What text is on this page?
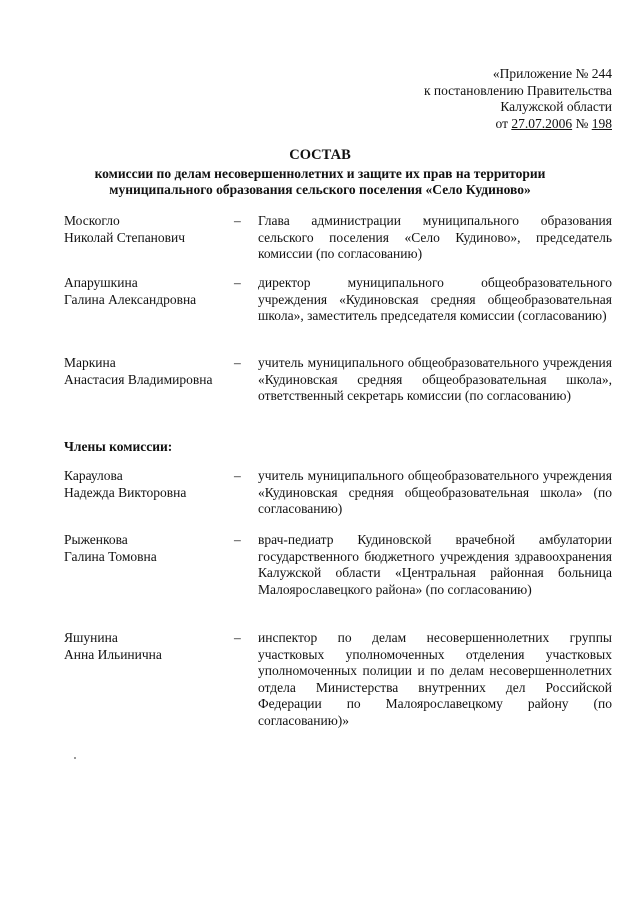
«Приложение № 244
к постановлению Правительства
Калужской области
от 27.07.2006 № 198
СОСТАВ
комиссии по делам несовершеннолетних и защите их прав на территории
муниципального образования сельского поселения «Село Кудиново»
Москогло
Николай Степанович
–	Глава администрации муниципального образования сельского поселения «Село Кудиново», председатель комиссии (по согласованию)
Апарушкина
Галина Александровна
–	директор муниципального общеобразовательного учреждения «Кудиновская средняя общеобразовательная школа», заместитель председателя комиссии (согласованию)
Маркина
Анастасия Владимировна
–	учитель муниципального общеобразовательного учреждения «Кудиновская средняя общеобразовательная школа», ответственный секретарь комиссии (по согласованию)
Члены комиссии:
Караулова
Надежда Викторовна
–	учитель муниципального общеобразовательного учреждения «Кудиновская средняя общеобразовательная школа» (по согласованию)
Рыженкова
Галина Томовна
–	врач-педиатр Кудиновской врачебной амбулатории государственного бюджетного учреждения здравоохранения Калужской области «Центральная районная больница Малоярославецкого района» (по согласованию)
Яшунина
Анна Ильинична
–	инспектор по делам несовершеннолетних группы участковых уполномоченных отделения участковых уполномоченных полиции и по делам несовершеннолетних отдела Министерства внутренних дел Российской Федерации по Малоярославецкому району (по согласованию)»
